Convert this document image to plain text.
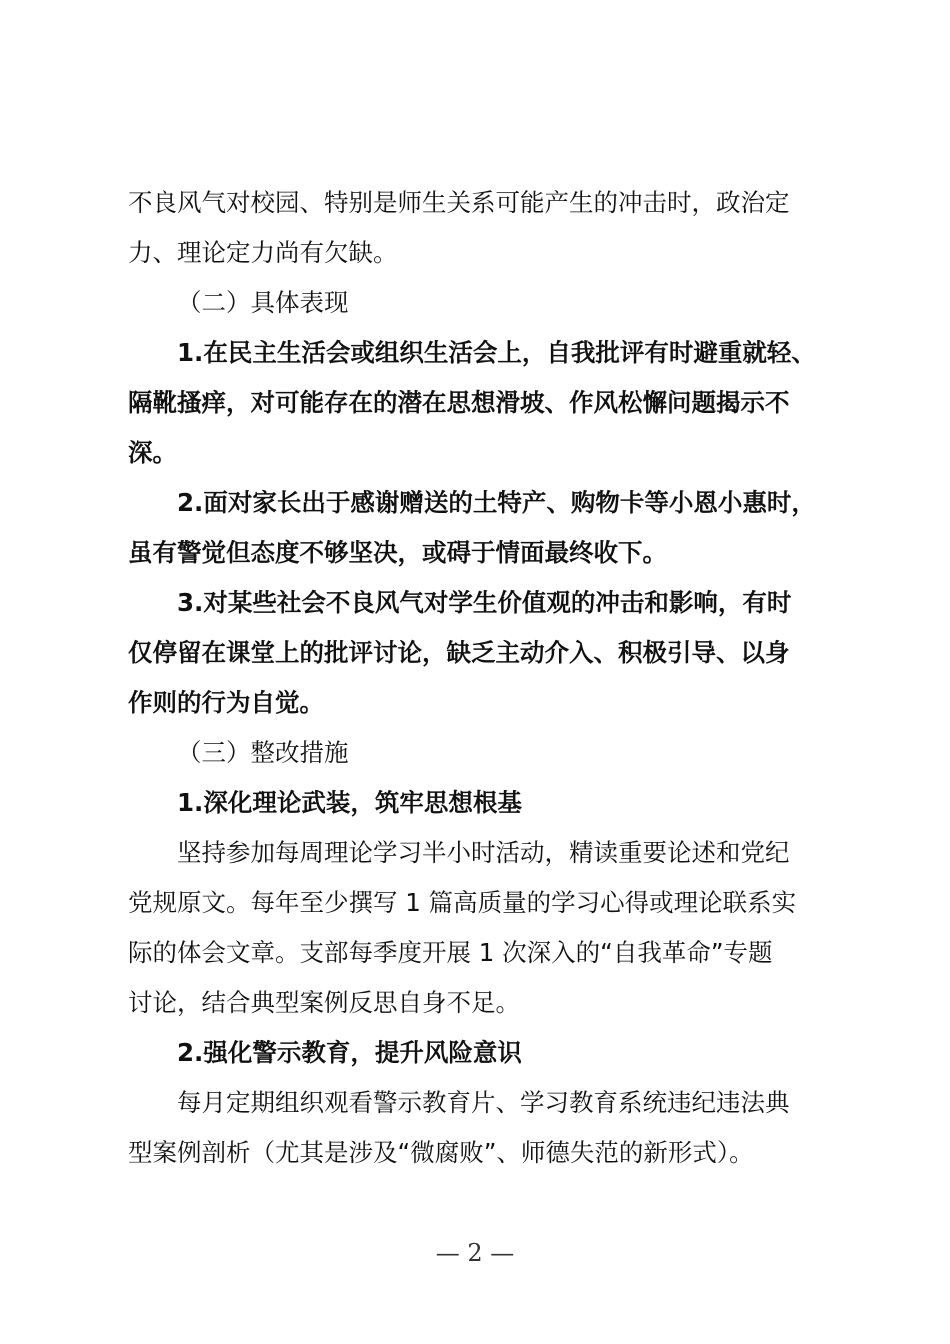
不良风气对校园、特别是师生关系可能产生的冲击时，政治定

力、理论定力尚有欠缺。

（二）具体表现

1.在民主生活会或组织生活会上，自我批评有时避重就轻、

隔靴搔痒，对可能存在的潜在思想滑坡、作风松懈问题揭示不

深。

2.面对家长出于感谢赠送的土特产、购物卡等小恩小惠时，

虽有警觉但态度不够坚决，或碍于情面最终收下。

3.对某些社会不良风气对学生价值观的冲击和影响，有时

仅停留在课堂上的批评讨论，缺乏主动介入、积极引导、以身

作则的行为自觉。

（三）整改措施

1.深化理论武装，筑牢思想根基

坚持参加每周理论学习半小时活动，精读重要论述和党纪

党规原文。每年至少撰写 1 篇高质量的学习心得或理论联系实

际的体会文章。支部每季度开展 1 次深入的“自我革命”专题

讨论，结合典型案例反思自身不足。

2.强化警示教育，提升风险意识

每月定期组织观看警示教育片、学习教育系统违纪违法典

型案例剖析（尤其是涉及“微腐败”、师德失范的新形式）。

— 2 —
